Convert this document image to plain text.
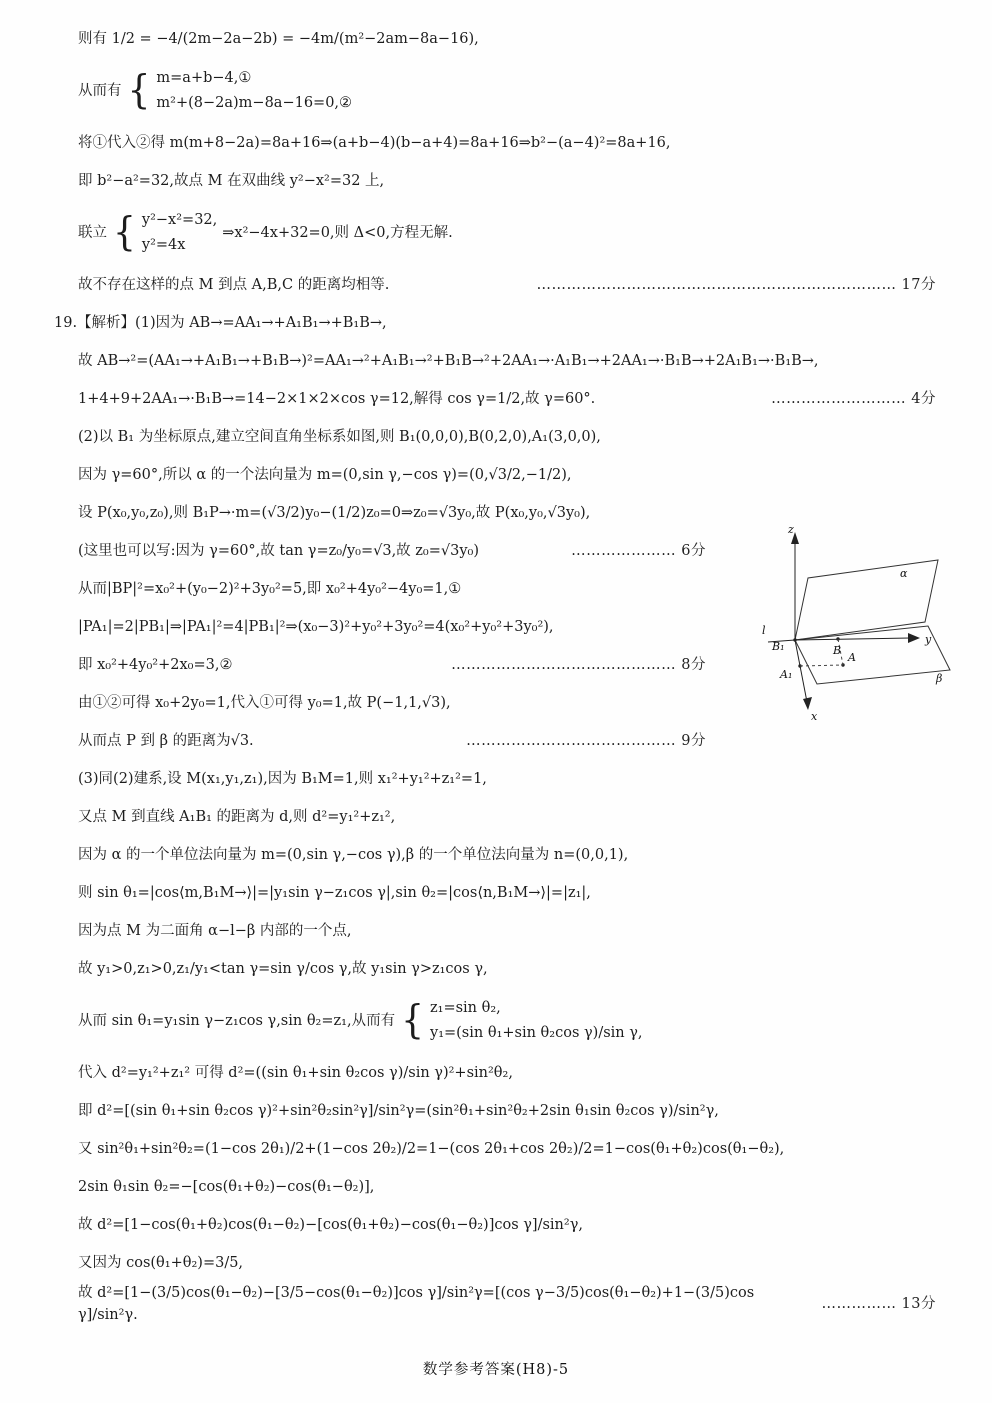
则有 1/2 = −4/(2m−2a−2b) = −4m/(m²−2am−8a−16),
从而有 { m=a+b−4,①
m²+(8−2a)m−8a−16=0,②
将①代入②得 m(m+8−2a)=8a+16⇒(a+b−4)(b−a+4)=8a+16⇒b²−(a−4)²=8a+16,
即 b²−a²=32,故点 M 在双曲线 y²−x²=32 上,
联立 { y²−x²=32,
y²=4x
⇒x²−4x+32=0,则 Δ<0,方程无解.
故不存在这样的点 M 到点 A,B,C 的距离均相等.	……………………………………………………………… 17分
19.【解析】(1)因为 AB→=AA₁→+A₁B₁→+B₁B→,
故 AB→²=(AA₁→+A₁B₁→+B₁B→)²=AA₁→²+A₁B₁→²+B₁B→²+2AA₁→·A₁B₁→+2AA₁→·B₁B→+2A₁B₁→·B₁B→,
1+4+9+2AA₁→·B₁B→=14−2×1×2×cos γ=12,解得 cos γ=1/2,故 γ=60°.	……………………… 4分
(2)以 B₁ 为坐标原点,建立空间直角坐标系如图,则 B₁(0,0,0),B(0,2,0),A₁(3,0,0),
因为 γ=60°,所以 α 的一个法向量为 m=(0,sin γ,−cos γ)=(0,√3/2,−1/2),
设 P(x₀,y₀,z₀),则 B₁P→·m=(√3/2)y₀−(1/2)z₀=0⇒z₀=√3y₀,故 P(x₀,y₀,√3y₀),
(这里也可以写:因为 γ=60°,故 tan γ=z₀/y₀=√3,故 z₀=√3y₀)	………………… 6分
从而|BP|²=x₀²+(y₀−2)²+3y₀²=5,即 x₀²+4y₀²−4y₀=1,①
|PA₁|=2|PB₁|⇒|PA₁|²=4|PB₁|²⇒(x₀−3)²+y₀²+3y₀²=4(x₀²+y₀²+3y₀²),
即 x₀²+4y₀²+2x₀=3,②	……………………………………… 8分
由①②可得 x₀+2y₀=1,代入①可得 y₀=1,故 P(−1,1,√3),
从而点 P 到 β 的距离为√3.	…………………………………… 9分
(3)同(2)建系,设 M(x₁,y₁,z₁),因为 B₁M=1,则 x₁²+y₁²+z₁²=1,
又点 M 到直线 A₁B₁ 的距离为 d,则 d²=y₁²+z₁²,
因为 α 的一个单位法向量为 m=(0,sin γ,−cos γ),β 的一个单位法向量为 n=(0,0,1),
则 sin θ₁=|cos⟨m,B₁M→⟩|=|y₁sin γ−z₁cos γ|,sin θ₂=|cos⟨n,B₁M→⟩|=|z₁|,
因为点 M 为二面角 α−l−β 内部的一个点,
故 y₁>0,z₁>0,z₁/y₁<tan γ=sin γ/cos γ,故 y₁sin γ>z₁cos γ,
从而 sin θ₁=y₁sin γ−z₁cos γ,sin θ₂=z₁,从而有 { z₁=sin θ₂,
y₁=(sin θ₁+sin θ₂cos γ)/sin γ,
代入 d²=y₁²+z₁² 可得 d²=((sin θ₁+sin θ₂cos γ)/sin γ)²+sin²θ₂,
即 d²=[(sin θ₁+sin θ₂cos γ)²+sin²θ₂sin²γ]/sin²γ=(sin²θ₁+sin²θ₂+2sin θ₁sin θ₂cos γ)/sin²γ,
又 sin²θ₁+sin²θ₂=(1−cos 2θ₁)/2+(1−cos 2θ₂)/2=1−(cos 2θ₁+cos 2θ₂)/2=1−cos(θ₁+θ₂)cos(θ₁−θ₂),
2sin θ₁sin θ₂=−[cos(θ₁+θ₂)−cos(θ₁−θ₂)],
故 d²=[1−cos(θ₁+θ₂)cos(θ₁−θ₂)−[cos(θ₁+θ₂)−cos(θ₁−θ₂)]cos γ]/sin²γ,
又因为 cos(θ₁+θ₂)=3/5,
故 d²=[1−(3/5)cos(θ₁−θ₂)−[3/5−cos(θ₁−θ₂)]cos γ]/sin²γ=[(cos γ−3/5)cos(θ₁−θ₂)+1−(3/5)cos γ]/sin²γ.
…………… 13分
z
y
x
α
β
l
B₁	B
A₁
A
数学参考答案(H8)-5
